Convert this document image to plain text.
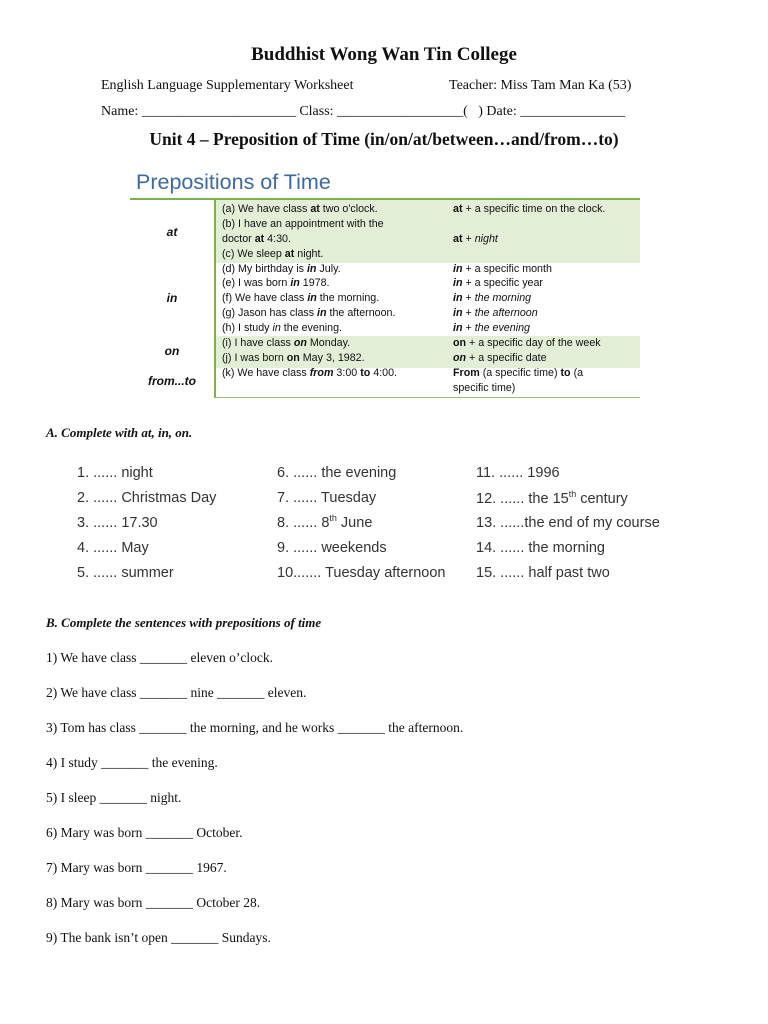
Buddhist Wong Wan Tin College
English Language Supplementary Worksheet	Teacher: Miss Tam Man Ka (53)
Name: ______________________ Class: __________________( ) Date: _______________
Unit 4 – Preposition of Time (in/on/at/between…and/from…to)
Prepositions of Time
at
in
on
from...to
(a) We have class at two o'clock.
(b) I have an appointment with the
doctor at 4:30.
(c) We sleep at night.
(d) My birthday is in July.
(e) I was born in 1978.
(f) We have class in the morning.
(g) Jason has class in the afternoon.
(h) I study in the evening.
(i) I have class on Monday.
(j) I was born on May 3, 1982.
(k) We have class from 3:00 to 4:00.
at + a specific time on the clock.
at + night
in + a specific month
in + a specific year
in + the morning
in + the afternoon
in + the evening
on + a specific day of the week
on + a specific date
From (a specific time) to (a
specific time)
A. Complete with at, in, on.
1. ...... night
2. ...... Christmas Day
3. ...... 17.30
4. ...... May
5. ...... summer
6. ...... the evening
7. ...... Tuesday
8. ...... 8th June
9. ...... weekends
10....... Tuesday afternoon
11. ...... 1996
12. ...... the 15th century
13. ......the end of my course
14. ...... the morning
15. ...... half past two
B. Complete the sentences with prepositions of time
1) We have class _______ eleven o’clock.
2) We have class _______ nine _______ eleven.
3) Tom has class _______ the morning, and he works _______ the afternoon.
4) I study _______ the evening.
5) I sleep _______ night.
6) Mary was born _______ October.
7) Mary was born _______ 1967.
8) Mary was born _______ October 28.
9) The bank isn’t open _______ Sundays.
